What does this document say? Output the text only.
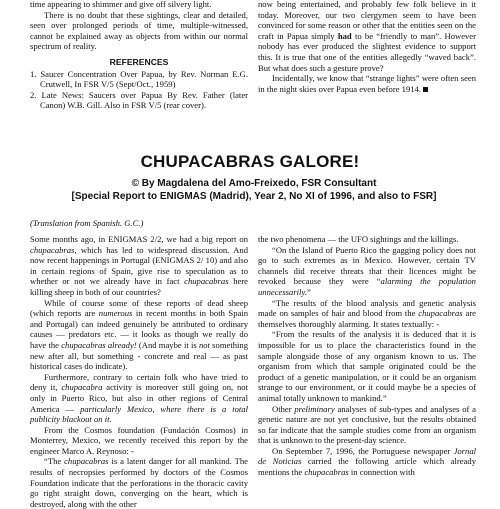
time appearing to shimmer and give off silvery light.

There is no doubt that these sightings, clear and detailed, seen over prolonged periods of time, multiple-witnessed, cannot be explained away as objects from within our normal spectrum of reality.

REFERENCES

1. Saucer Concentration Over Papua, by Rev. Norman E.G. Crutwell, In FSR V/5 (Sept/Oct., 1959)

2. Late News: Saucers over Papua By Rev. Father (later Canon) W.B. Gill. Also in FSR V/5 (rear cover).

now being entertained, and probably few folk believe in it today. Moreover, our two clergymen seem to have been convinced for some reason or other that the entities seen on the craft in Papua simply had to be “friendly to man”. However nobody has ever produced the slightest evidence to support this. It is true that one of the entities allegedly “waved back”. But what does such a gesture prove?

Incidentally, we know that “strange lights” were often seen in the night skies over Papua even before 1914.

CHUPACABRAS GALORE!
© By Magdalena del Amo-Freixedo, FSR Consultant
[Special Report to ENIGMAS (Madrid), Year 2, No XI of 1996, and also to FSR]
(Translation from Spanish. G.C.)

Some months ago, in ENIGMAS 2/2, we had a big report on chupacabras, which has led to widespread discussion. And now recent happenings in Portugal (ENIGMAS 2/ 10) and also in certain regions of Spain, give rise to speculation as to whether or not we already have in fact chupacabras here killing sheep in both of our countries?

While of course some of these reports of dead sheep (which reports are numerous in recent months in both Spain and Portugal) can indeed genuinely be attributed to ordinary causes — predators etc. — it looks as though we really do have the chupacabras already! (And maybe it is not something new after all, but something - concrete and real — as past historical cases do indicate).

Furthermore, contrary to certain folk who have tried to deny it, chupacabra activity is moreover still going on, not only in Puerto Rico, but also in other regions of Central America — particularly Mexico, where there is a total publicity blackout on it.

From the Cosmos foundation (Fundación Cosmos) in Monterrey, Mexico, we recently received this report by the engineer Marco A. Reynoso: -

“The chupacabras is a latent danger for all mankind. The results of necropsies performed by doctors of the Cosmos Foundation indicate that the perforations in the thoracic cavity go right straight down, converging on the heart, which is destroyed, along with the other

the two phenomena — the UFO sightings and the killings.

“On the Island of Puerto Rico the gagging policy does not go to such extremes as in Mexico. However, certain TV channels did receive threats that their licences might be revoked because they were “alarming the population unnecessarily.”

“The results of the blood analysis and genetic analysis made on samples of hair and blood from the chupacabras are themselves thoroughly alarming. It states textually: -

“From the results of the analysis it is deduced that it is impossible for us to place the characteristics found in the sample alongside those of any organism known to us. The organism from which that sample originated could be the product of a genetic manipulation, or it could be an organism strange to our environment, or it could maybe be a species of animal totally unknown to mankind.”

Other preliminary analyses of sub-types and analyses of a genetic nature are not yet conclusive, but the results obtained so far indicate that the sample studies come from an organism that is unknown to the present-day science.

On September 7, 1996, the Portuguese newspaper Jornal de Noticias carried the following article which already mentions the chupacabras in connection with
